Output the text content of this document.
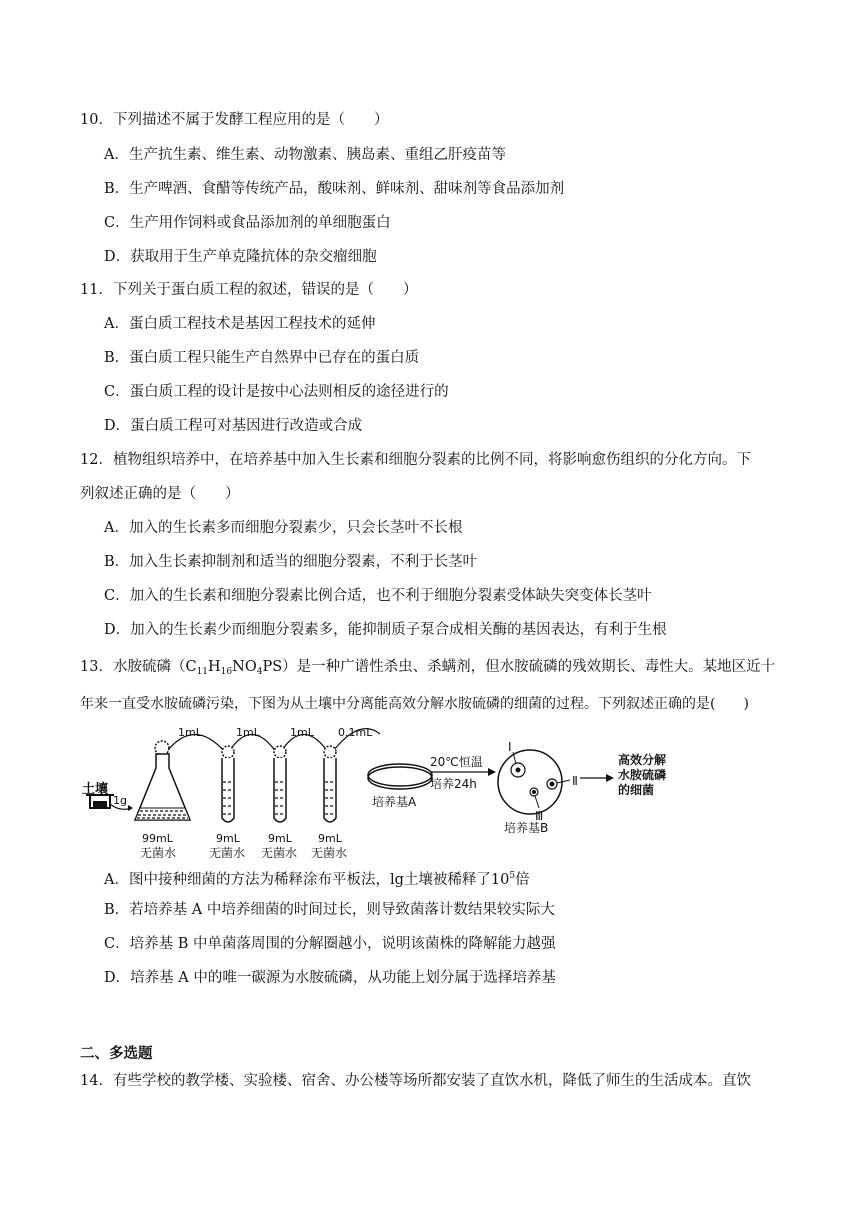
10．下列描述不属于发酵工程应用的是（　　）
A．生产抗生素、维生素、动物激素、胰岛素、重组乙肝疫苗等
B．生产啤酒、食醋等传统产品，酸味剂、鲜味剂、甜味剂等食品添加剂
C．生产用作饲料或食品添加剂的单细胞蛋白
D．获取用于生产单克隆抗体的杂交瘤细胞
11．下列关于蛋白质工程的叙述，错误的是（　　）
A．蛋白质工程技术是基因工程技术的延伸
B．蛋白质工程只能生产自然界中已存在的蛋白质
C．蛋白质工程的设计是按中心法则相反的途径进行的
D．蛋白质工程可对基因进行改造或合成
12．植物组织培养中，在培养基中加入生长素和细胞分裂素的比例不同，将影响愈伤组织的分化方向。下
列叙述正确的是（　　）
A．加入的生长素多而细胞分裂素少，只会长茎叶不长根
B．加入生长素抑制剂和适当的细胞分裂素，不利于长茎叶
C．加入的生长素和细胞分裂素比例合适，也不利于细胞分裂素受体缺失突变体长茎叶
D．加入的生长素少而细胞分裂素多，能抑制质子泵合成相关酶的基因表达，有利于生根
13．水胺硫磷$(C_{11}H_{16}NO_4PS)$是一种广谱性杀虫、杀螨剂，但水胺硫磷的残效期长、毒性大。某地区近十
年来一直受水胺硫磷污染，下图为从土壤中分离能高效分解水胺硫磷的细菌的过程。下列叙述正确的是(　　)
土壤
1g
99mL
无菌水
1mL	1mL	1mL 0.1mL
9mL
无菌水
9mL
无菌水
9mL
无菌水
培养基A
20℃恒温
培养24h
Ⅰ
Ⅱ
Ⅲ
培养基B
高效分解
水胺硫磷
的细菌
A．图中接种细菌的方法为稀释涂布平板法，lg土壤被稀释了$10^5$倍
B．若培养基 A 中培养细菌的时间过长，则导致菌落计数结果较实际大
C．培养基 B 中单菌落周围的分解圈越小，说明该菌株的降解能力越强
D．培养基 A 中的唯一碳源为水胺硫磷，从功能上划分属于选择培养基
二、多选题
14．有些学校的教学楼、实验楼、宿舍、办公楼等场所都安装了直饮水机，降低了师生的生活成本。直饮
